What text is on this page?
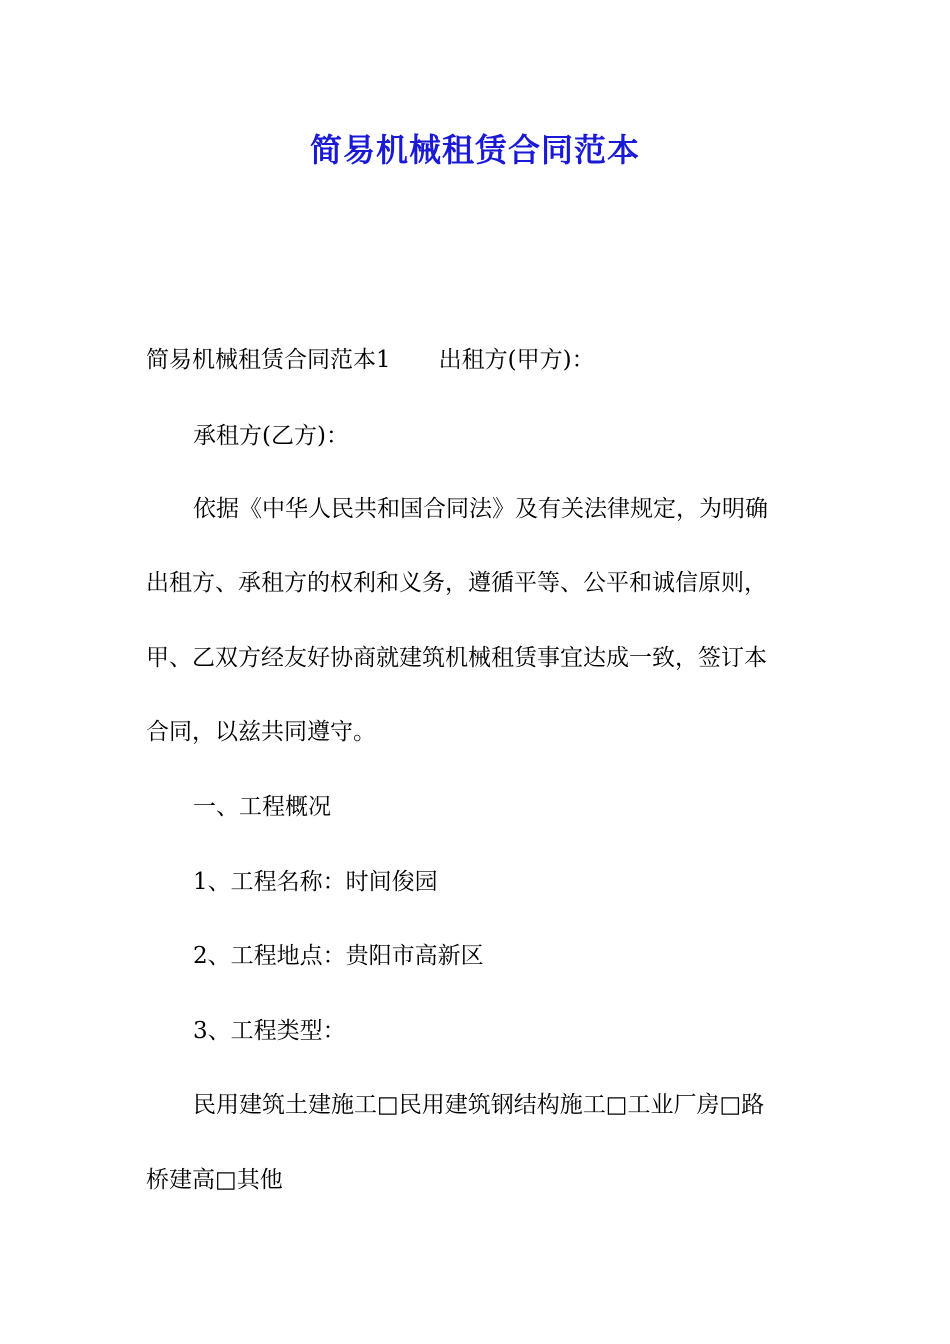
简易机械租赁合同范本
简易机械租赁合同范本1 出租方(甲方)：
承租方(乙方)：
依据《中华人民共和国合同法》及有关法律规定，为明确
出租方、承租方的权利和义务，遵循平等、公平和诚信原则，
甲、乙双方经友好协商就建筑机械租赁事宜达成一致，签订本
合同，以兹共同遵守。
一、工程概况
1、工程名称：时间俊园
2、工程地点：贵阳市高新区
3、工程类型：
民用建筑土建施工□民用建筑钢结构施工□工业厂房□路
桥建高□其他
